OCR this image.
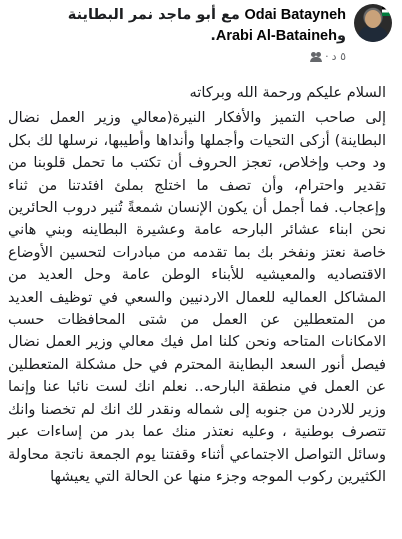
Odai Batayneh مع أبو ماجد نمر البطاينة
وArabi Al-Bataineh.
٥ د
·

السلام عليكم ورحمة الله وبركاته

إلى صاحب التميز والأفكار النيرة(معالي وزير العمل نضال البطاينة) أزكى التحيات وأجملها وأنداها وأطيبها، نرسلها لك بكل ود وحب وإخلاص، تعجز الحروف أن تكتب ما تحمل قلوبنا من تقدير واحترام، وأن تصف ما اختلج بملئ افئدتنا من ثناء وإعجاب. فما أجمل أن يكون الإنسان شمعةً تُنير دروب الحائرين نحن ابناء عشائر البارحه عامة وعشيرة البطاينه وبني هاني خاصة نعتز ونفخر بك بما تقدمه من مبادرات لتحسين الأوضاع الاقتصاديه والمعيشيه للأبناء الوطن عامة وحل العديد من المشاكل العماليه للعمال الاردنيين والسعي في توظيف العديد من المتعطلين عن العمل من شتى المحافظات حسب الامكانات المتاحه ونحن كلنا امل فيك معالي وزير العمل نضال فيصل أنور السعد البطاينة المحترم في حل مشكلة المتعطلين عن العمل في منطقة البارحه.. نعلم انك لست نائبا عنا وإنما وزير للاردن من جنوبه إلى شماله ونقدر لك انك لم تخصنا وانك تتصرف بوطنية ، وعليه نعتذر منك عما بدر من إساءات عبر وسائل التواصل الاجتماعي أثناء وقفتنا يوم الجمعة ناتجة محاولة الكثيرين ركوب الموجه وجزء منها عن الحالة التي يعيشها
